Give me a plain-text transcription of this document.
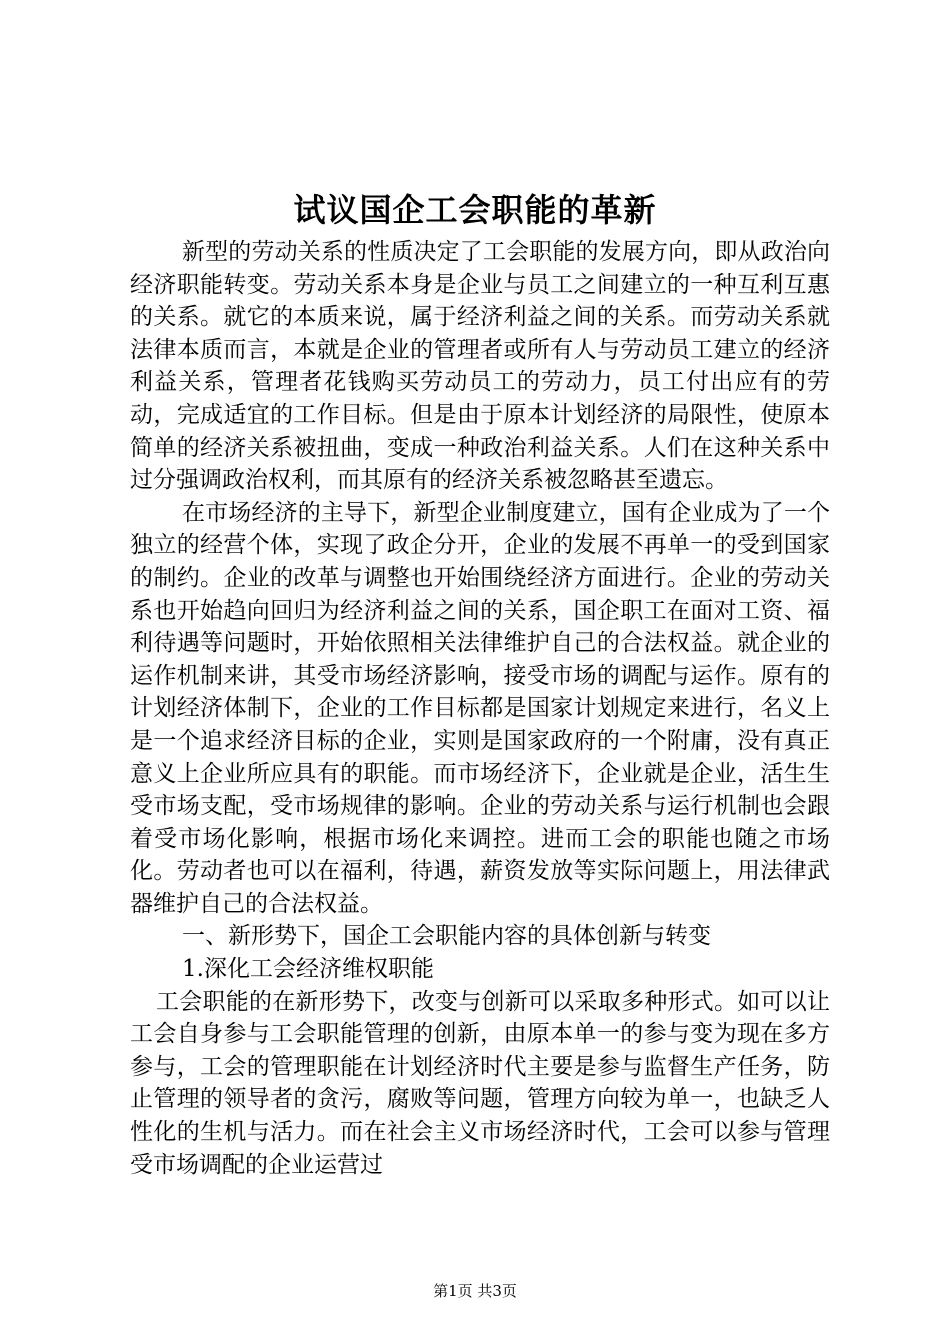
试议国企工会职能的革新

新型的劳动关系的性质决定了工会职能的发展方向，即从政治向经济职能转变。劳动关系本身是企业与员工之间建立的一种互利互惠的关系。就它的本质来说，属于经济利益之间的关系。而劳动关系就法律本质而言，本就是企业的管理者或所有人与劳动员工建立的经济利益关系，管理者花钱购买劳动员工的劳动力，员工付出应有的劳动，完成适宜的工作目标。但是由于原本计划经济的局限性，使原本简单的经济关系被扭曲，变成一种政治利益关系。人们在这种关系中过分强调政治权利，而其原有的经济关系被忽略甚至遗忘。

在市场经济的主导下，新型企业制度建立，国有企业成为了一个独立的经营个体，实现了政企分开，企业的发展不再单一的受到国家的制约。企业的改革与调整也开始围绕经济方面进行。企业的劳动关系也开始趋向回归为经济利益之间的关系，国企职工在面对工资、福利待遇等问题时，开始依照相关法律维护自己的合法权益。就企业的运作机制来讲，其受市场经济影响，接受市场的调配与运作。原有的计划经济体制下，企业的工作目标都是国家计划规定来进行，名义上是一个追求经济目标的企业，实则是国家政府的一个附庸，没有真正意义上企业所应具有的职能。而市场经济下，企业就是企业，活生生受市场支配，受市场规律的影响。企业的劳动关系与运行机制也会跟着受市场化影响，根据市场化来调控。进而工会的职能也随之市场化。劳动者也可以在福利，待遇，薪资发放等实际问题上，用法律武器维护自己的合法权益。

一、新形势下，国企工会职能内容的具体创新与转变

1.深化工会经济维权职能

工会职能的在新形势下，改变与创新可以采取多种形式。如可以让工会自身参与工会职能管理的创新，由原本单一的参与变为现在多方参与，工会的管理职能在计划经济时代主要是参与监督生产任务，防止管理的领导者的贪污，腐败等问题，管理方向较为单一，也缺乏人性化的生机与活力。而在社会主义市场经济时代，工会可以参与管理受市场调配的企业运营过

第1页 共3页
